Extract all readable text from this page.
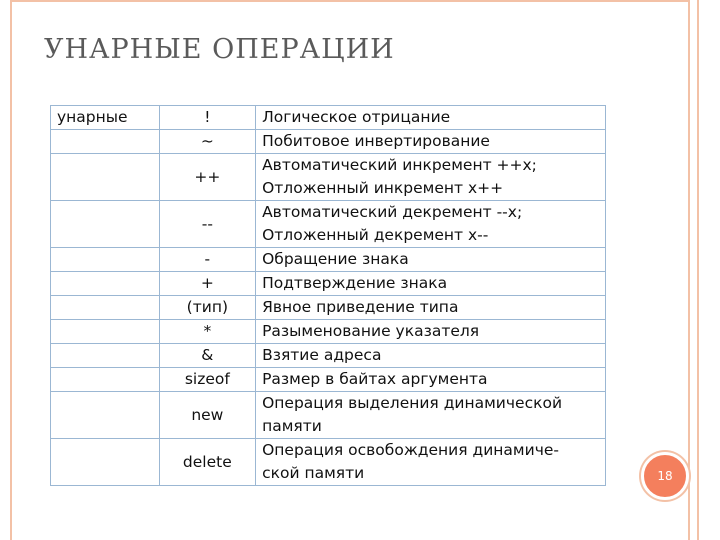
УНАРНЫЕ ОПЕРАЦИИ
унарные	!	Логическое отрицание

	~	Побитовое инвертирование

	++	Автоматический инкремент ++x;
Отложенный инкремент x++

	--	Автоматический декремент --x;
Отложенный декремент x--

	-	Обращение знака

	+	Подтверждение знака

	(тип)	Явное приведение типа

	*	Разыменование указателя

	&	Взятие адреса

	sizeof	Размер в байтах аргумента

	new	Операция выделения динамической
памяти

	delete	Операция освобождения динамиче-
ской памяти	18
